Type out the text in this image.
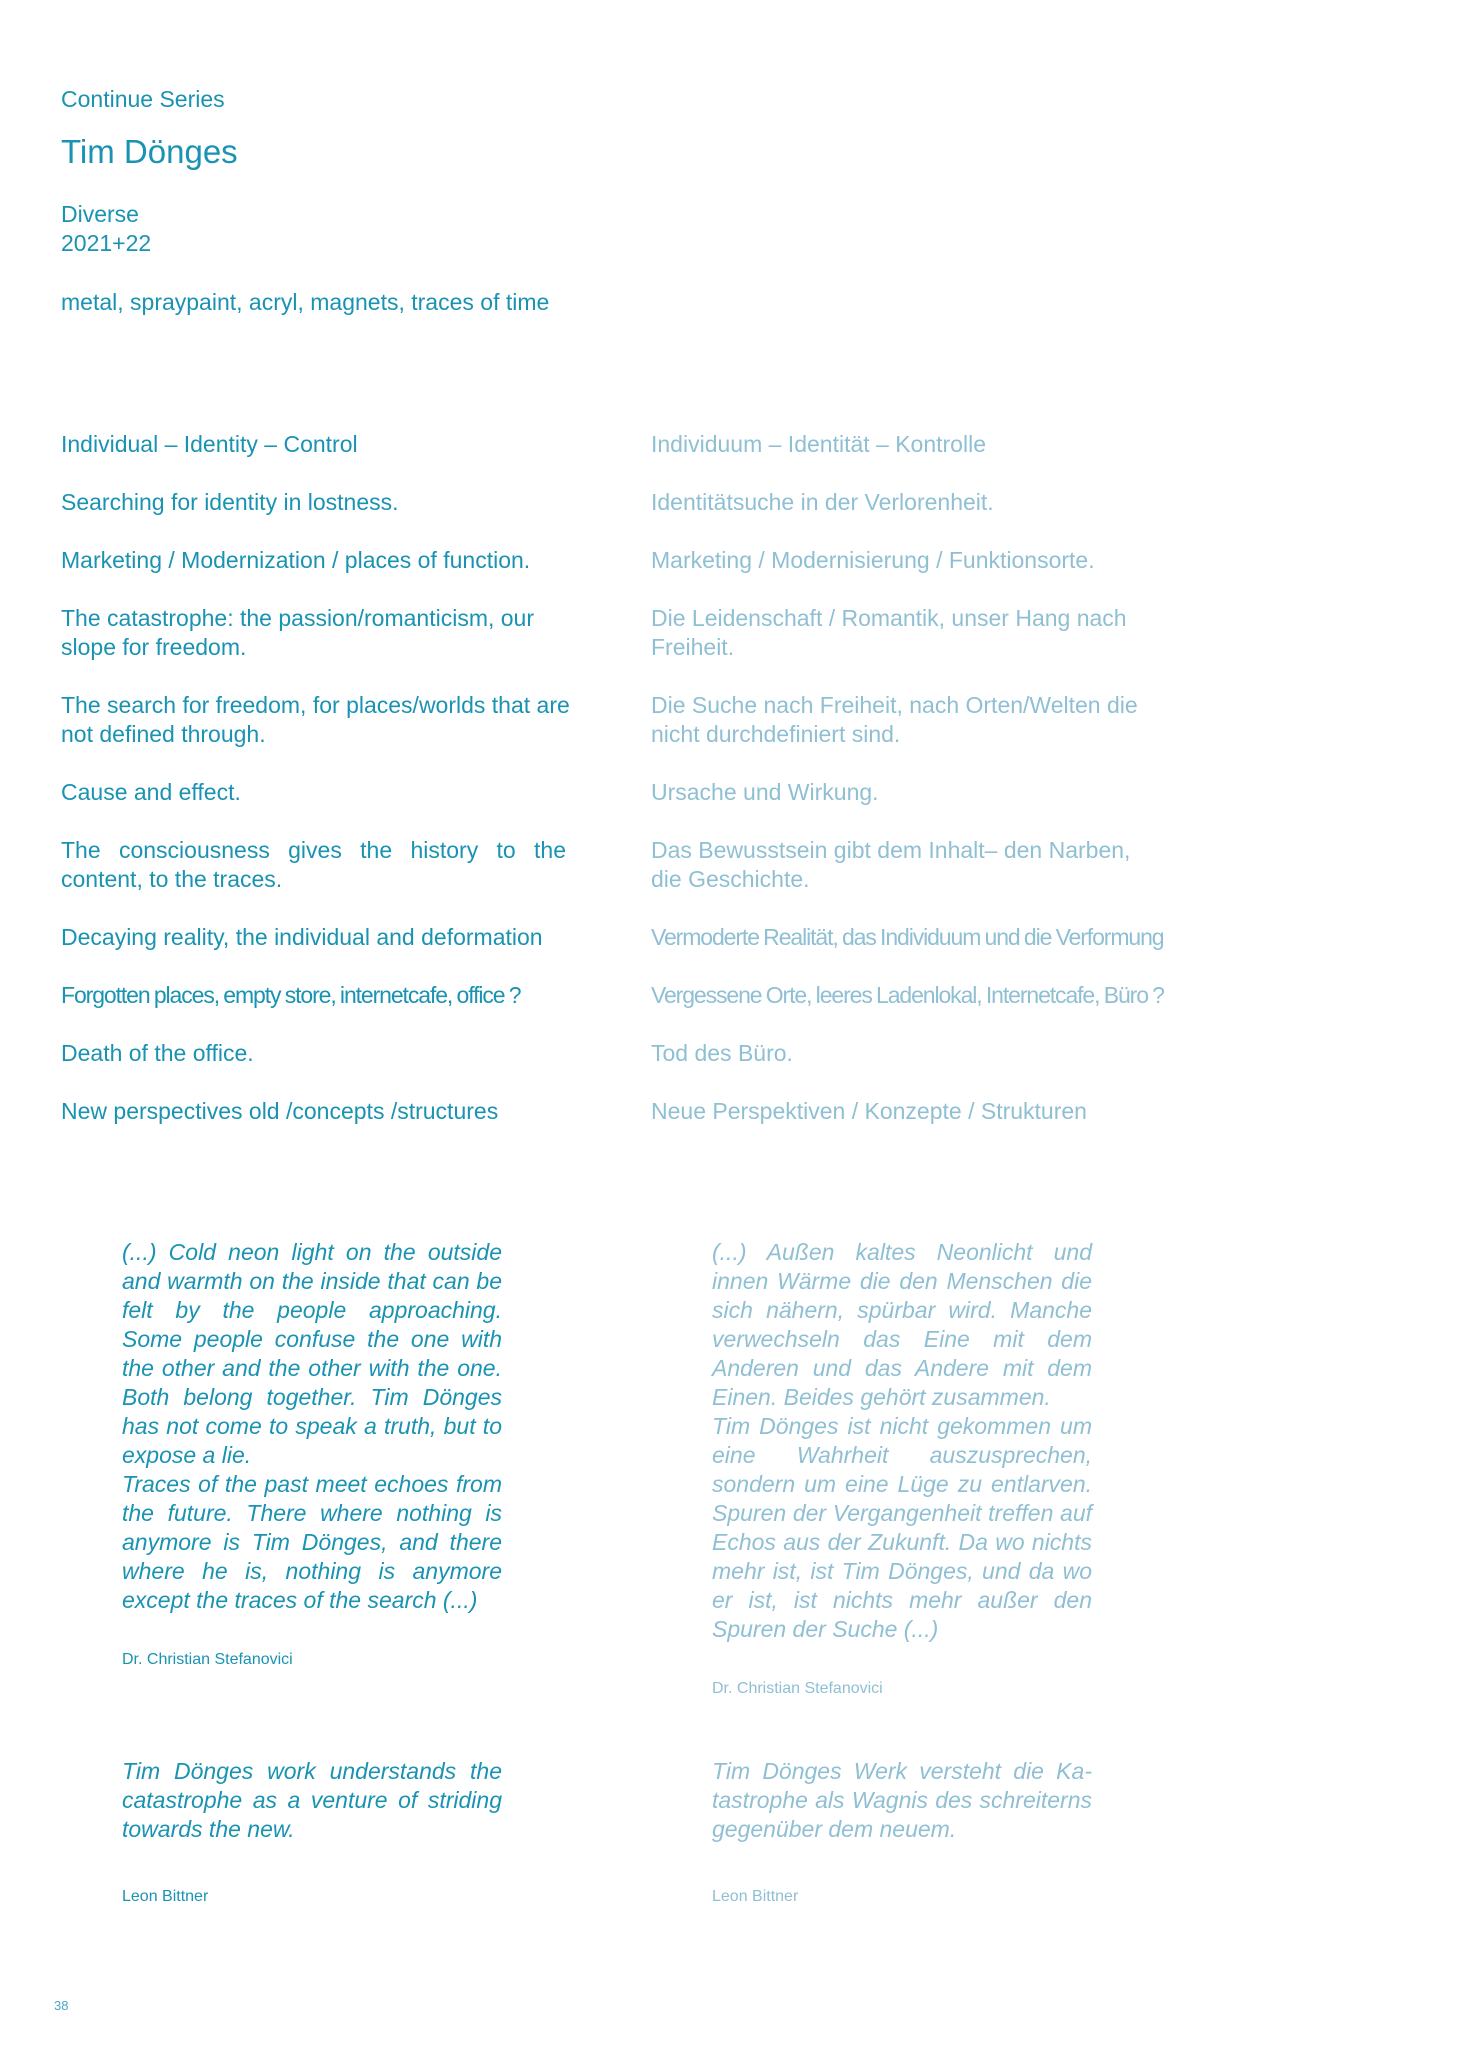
Continue Series
Tim Dönges
Diverse
2021+22
metal, spraypaint, acryl, magnets, traces of time

Individual – Identity – Control

Searching for identity in lostness.

Marketing / Modernization / places of function.

The catastrophe: the passion/romanticism, our slope for freedom.

The search for freedom, for places/worlds that are not defined through.

Cause and effect.

The consciousness gives the history to the content, to the traces.

Decaying reality, the individual and deformation

Forgotten places, empty store, internetcafe, office ?

Death of the office.

New perspectives old /concepts /structures

Individuum – Identität – Kontrolle

Identitätsuche in der Verlorenheit.

Marketing / Modernisierung / Funktionsorte.

Die Leidenschaft / Romantik, unser Hang nach Freiheit.

Die Suche nach Freiheit, nach Orten/Welten die nicht durchdefiniert sind.

Ursache und Wirkung.

Das Bewusstsein gibt dem Inhalt– den Narben, die Geschichte.

Vermoderte Realität, das Individuum und die Verformung

Vergessene Orte, leeres Ladenlokal, Internetcafe, Büro ?

Tod des Büro.

Neue Perspektiven / Konzepte / Strukturen

(...) Cold neon light on the outside and warmth on the inside that can be felt by the people approaching. Some people confuse the one with the other and the other with the one. Both belong together. Tim Dönges has not come to speak a truth, but to expose a lie.
Traces of the past meet echoes from the future. There where nothing is anymore is Tim Dönges, and there where he is, nothing is anymore except the traces of the search (...)

Dr. Christian Stefanovici

(...) Außen kaltes Neonlicht und innen Wärme die den Menschen die sich nähern, spürbar wird. Manche verwechseln das Eine mit dem Anderen und das Andere mit dem Einen. Beides gehört zusammen.
Tim Dönges ist nicht gekommen um eine Wahrheit auszusprechen, sondern um eine Lüge zu entlarven. Spuren der Vergangenheit treffen auf Echos aus der Zukunft. Da wo nichts mehr ist, ist Tim Dönges, und da wo er ist, ist nichts mehr außer den Spuren der Suche (...)

Dr. Christian Stefanovici

Tim Dönges work understands the catastrophe as a venture of striding towards the new.

Leon Bittner

Tim Dönges Werk versteht die Katastrophe als Wagnis des schreiterns gegenüber dem neuem.

Leon Bittner
38
